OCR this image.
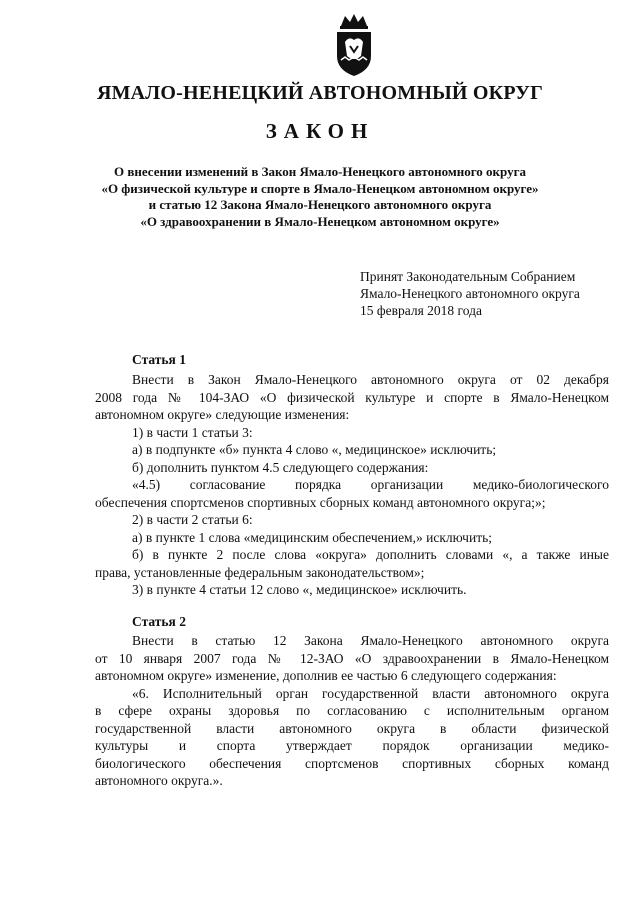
ЯМАЛО-НЕНЕЦКИЙ АВТОНОМНЫЙ ОКРУГ
ЗАКОН
О внесении изменений в Закон Ямало-Ненецкого автономного округа
«О физической культуре и спорте в Ямало-Ненецком автономном округе»
и статью 12 Закона Ямало-Ненецкого автономного округа
«О здравоохранении в Ямало-Ненецком автономном округе»
Принят Законодательным Собранием
Ямало-Ненецкого автономного округа
15 февраля 2018 года
Статья 1
Внести в Закон Ямало-Ненецкого автономного округа от 02 декабря
2008 года № 104-ЗАО «О физической культуре и спорте в Ямало-Ненецком
автономном округе» следующие изменения:
1) в части 1 статьи 3:
а) в подпункте «б» пункта 4 слово «, медицинское» исключить;
б) дополнить пунктом 4.5 следующего содержания:
«4.5) согласование порядка организации медико-биологического
обеспечения спортсменов спортивных сборных команд автономного округа;»;
2) в части 2 статьи 6:
а) в пункте 1 слова «медицинским обеспечением,» исключить;
б) в пункте 2 после слова «округа» дополнить словами «, а также иные
права, установленные федеральным законодательством»;
3) в пункте 4 статьи 12 слово «, медицинское» исключить.
Статья 2
Внести в статью 12 Закона Ямало-Ненецкого автономного округа
от 10 января 2007 года № 12-ЗАО «О здравоохранении в Ямало-Ненецком
автономном округе» изменение, дополнив ее частью 6 следующего содержания:
«6. Исполнительный орган государственной власти автономного округа
в сфере охраны здоровья по согласованию с исполнительным органом
государственной власти автономного округа в области физической
культуры и спорта утверждает порядок организации медико-
биологического обеспечения спортсменов спортивных сборных команд
автономного округа.».
